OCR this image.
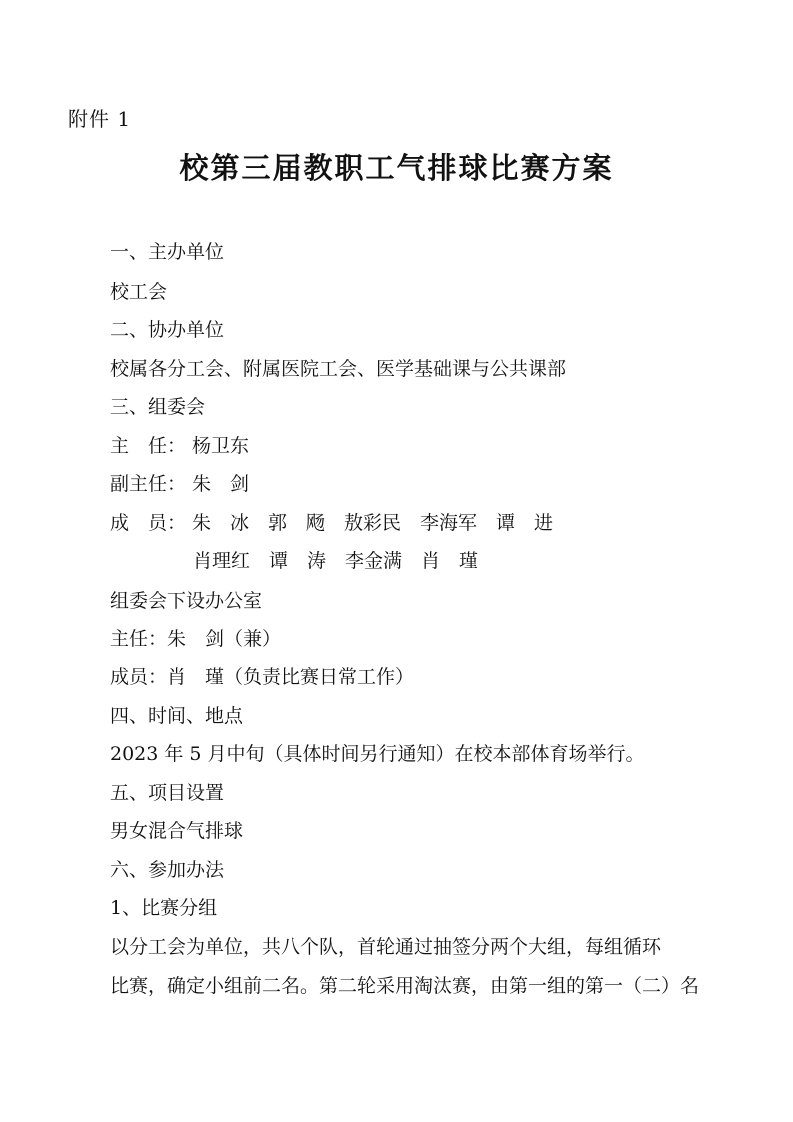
附件 1
校第三届教职工气排球比赛方案
一、主办单位
校工会
二、协办单位
校属各分工会、附属医院工会、医学基础课与公共课部
三、组委会
主　任： 杨卫东
副主任： 朱　剑
成　员： 朱　冰　郭　飏　敖彩民　李海军　谭　进
肖理红　谭　涛　李金满　肖　瑾
组委会下设办公室
主任：朱　剑（兼）
成员：肖　瑾（负责比赛日常工作）
四、时间、地点
2023 年 5 月中旬（具体时间另行通知）在校本部体育场举行。
五、项目设置
男女混合气排球
六、参加办法
1、比赛分组
以分工会为单位，共八个队，首轮通过抽签分两个大组，每组循环
比赛，确定小组前二名。第二轮采用淘汰赛，由第一组的第一（二）名
